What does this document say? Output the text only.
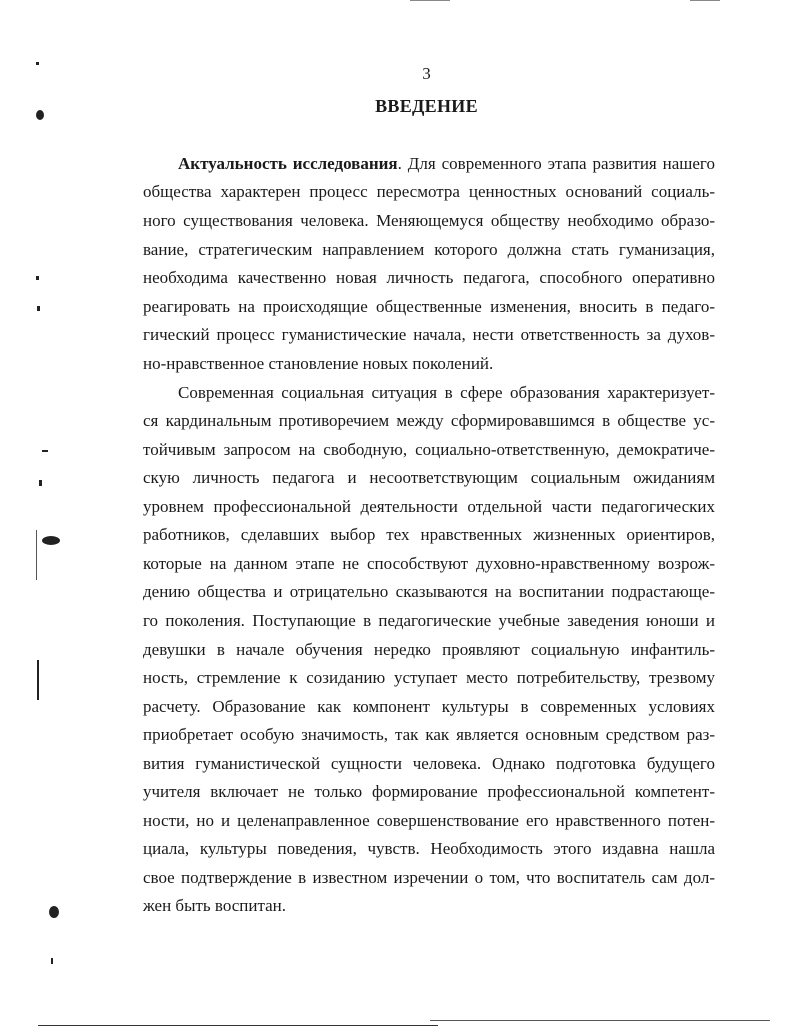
3
ВВЕДЕНИЕ
Актуальность исследования. Для современного этапа развития нашего
общества характерен процесс пересмотра ценностных оснований социаль-
ного существования человека. Меняющемуся обществу необходимо образо-
вание, стратегическим направлением которого должна стать гуманизация,
необходима качественно новая личность педагога, способного оперативно
реагировать на происходящие общественные изменения, вносить в педаго-
гический процесс гуманистические начала, нести ответственность за духов-
но-нравственное становление новых поколений.
Современная социальная ситуация в сфере образования характеризует-
ся кардинальным противоречием между сформировавшимся в обществе ус-
тойчивым запросом на свободную, социально-ответственную, демократиче-
скую личность педагога и несоответствующим социальным ожиданиям
уровнем профессиональной деятельности отдельной части педагогических
работников, сделавших выбор тех нравственных жизненных ориентиров,
которые на данном этапе не способствуют духовно-нравственному возрож-
дению общества и отрицательно сказываются на воспитании подрастающе-
го поколения. Поступающие в педагогические учебные заведения юноши и
девушки в начале обучения нередко проявляют социальную инфантиль-
ность, стремление к созиданию уступает место потребительству, трезвому
расчету. Образование как компонент культуры в современных условиях
приобретает особую значимость, так как является основным средством раз-
вития гуманистической сущности человека. Однако подготовка будущего
учителя включает не только формирование профессиональной компетент-
ности, но и целенаправленное совершенствование его нравственного потен-
циала, культуры поведения, чувств. Необходимость этого издавна нашла
свое подтверждение в известном изречении о том, что воспитатель сам дол-
жен быть воспитан.
